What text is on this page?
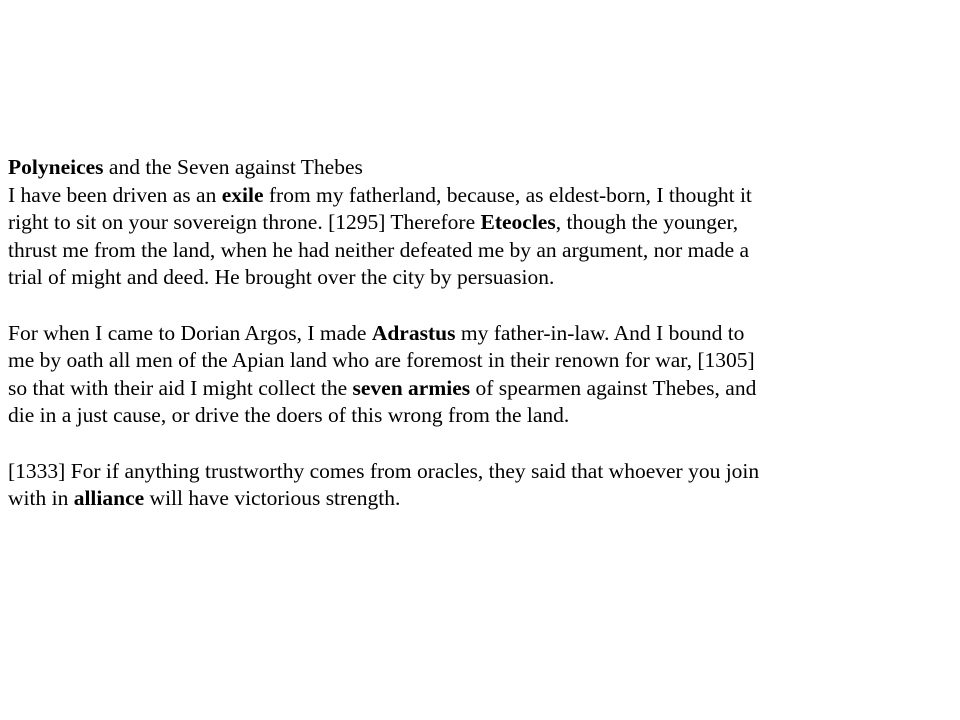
Polyneices and the Seven against Thebes

I have been driven as an exile from my fatherland, because, as eldest-born, I thought it
right to sit on your sovereign throne. [1295] Therefore Eteocles, though the younger,
thrust me from the land, when he had neither defeated me by an argument, nor made a
trial of might and deed. He brought over the city by persuasion.

For when I came to Dorian Argos, I made Adrastus my father-in-law. And I bound to
me by oath all men of the Apian land who are foremost in their renown for war, [1305]
so that with their aid I might collect the seven armies of spearmen against Thebes, and
die in a just cause, or drive the doers of this wrong from the land.

[1333] For if anything trustworthy comes from oracles, they said that whoever you join
with in alliance will have victorious strength.
